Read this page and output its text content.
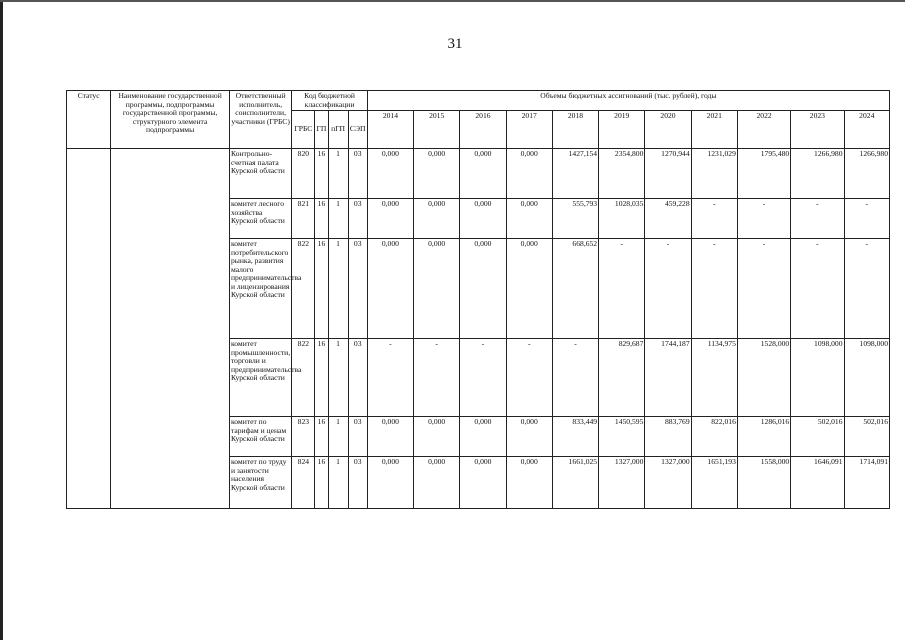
31
Статус	Наименование государственной программы, подпрограммы государственной программы, структурного элемента подпрограммы	Ответственный исполнитель, соисполнители, участники (ГРБС)	Код бюджетной классификации				Объемы бюджетных ассигнований (тыс. рублей), годы										
			ГРБС	ГП	пГП	СЭП	2014	2015	2016	2017	2018	2019	2020	2021	2022	2023	2024
		Контрольно-счетная палата Курской области	820	16	1	03	0,000	0,000	0,000	0,000	1427,154	2354,800	1270,944	1231,029	1795,480	1266,980	1266,980
		комитет лесного хозяйства Курской области	821	16	1	03	0,000	0,000	0,000	0,000	555,793	1028,035	459,228	-	-	-	-
		комитет потребительского рынка, развития малого предпринимательства и лицензирования Курской области	822	16	1	03	0,000	0,000	0,000	0,000	668,652	-	-	-	-	-	-
		комитет промышленности, торговли и предпринимательства Курской области	822	16	1	03	-	-	-	-	-	829,687	1744,187	1134,975	1528,000	1098,000	1098,000
		комитет по тарифам и ценам Курской области	823	16	1	03	0,000	0,000	0,000	0,000	833,449	1450,595	883,769	822,016	1286,016	502,016	502,016
		комитет по труду и занятости населения Курской области	824	16	1	03	0,000	0,000	0,000	0,000	1661,025	1327,000	1327,000	1651,193	1558,000	1646,091	1714,091
